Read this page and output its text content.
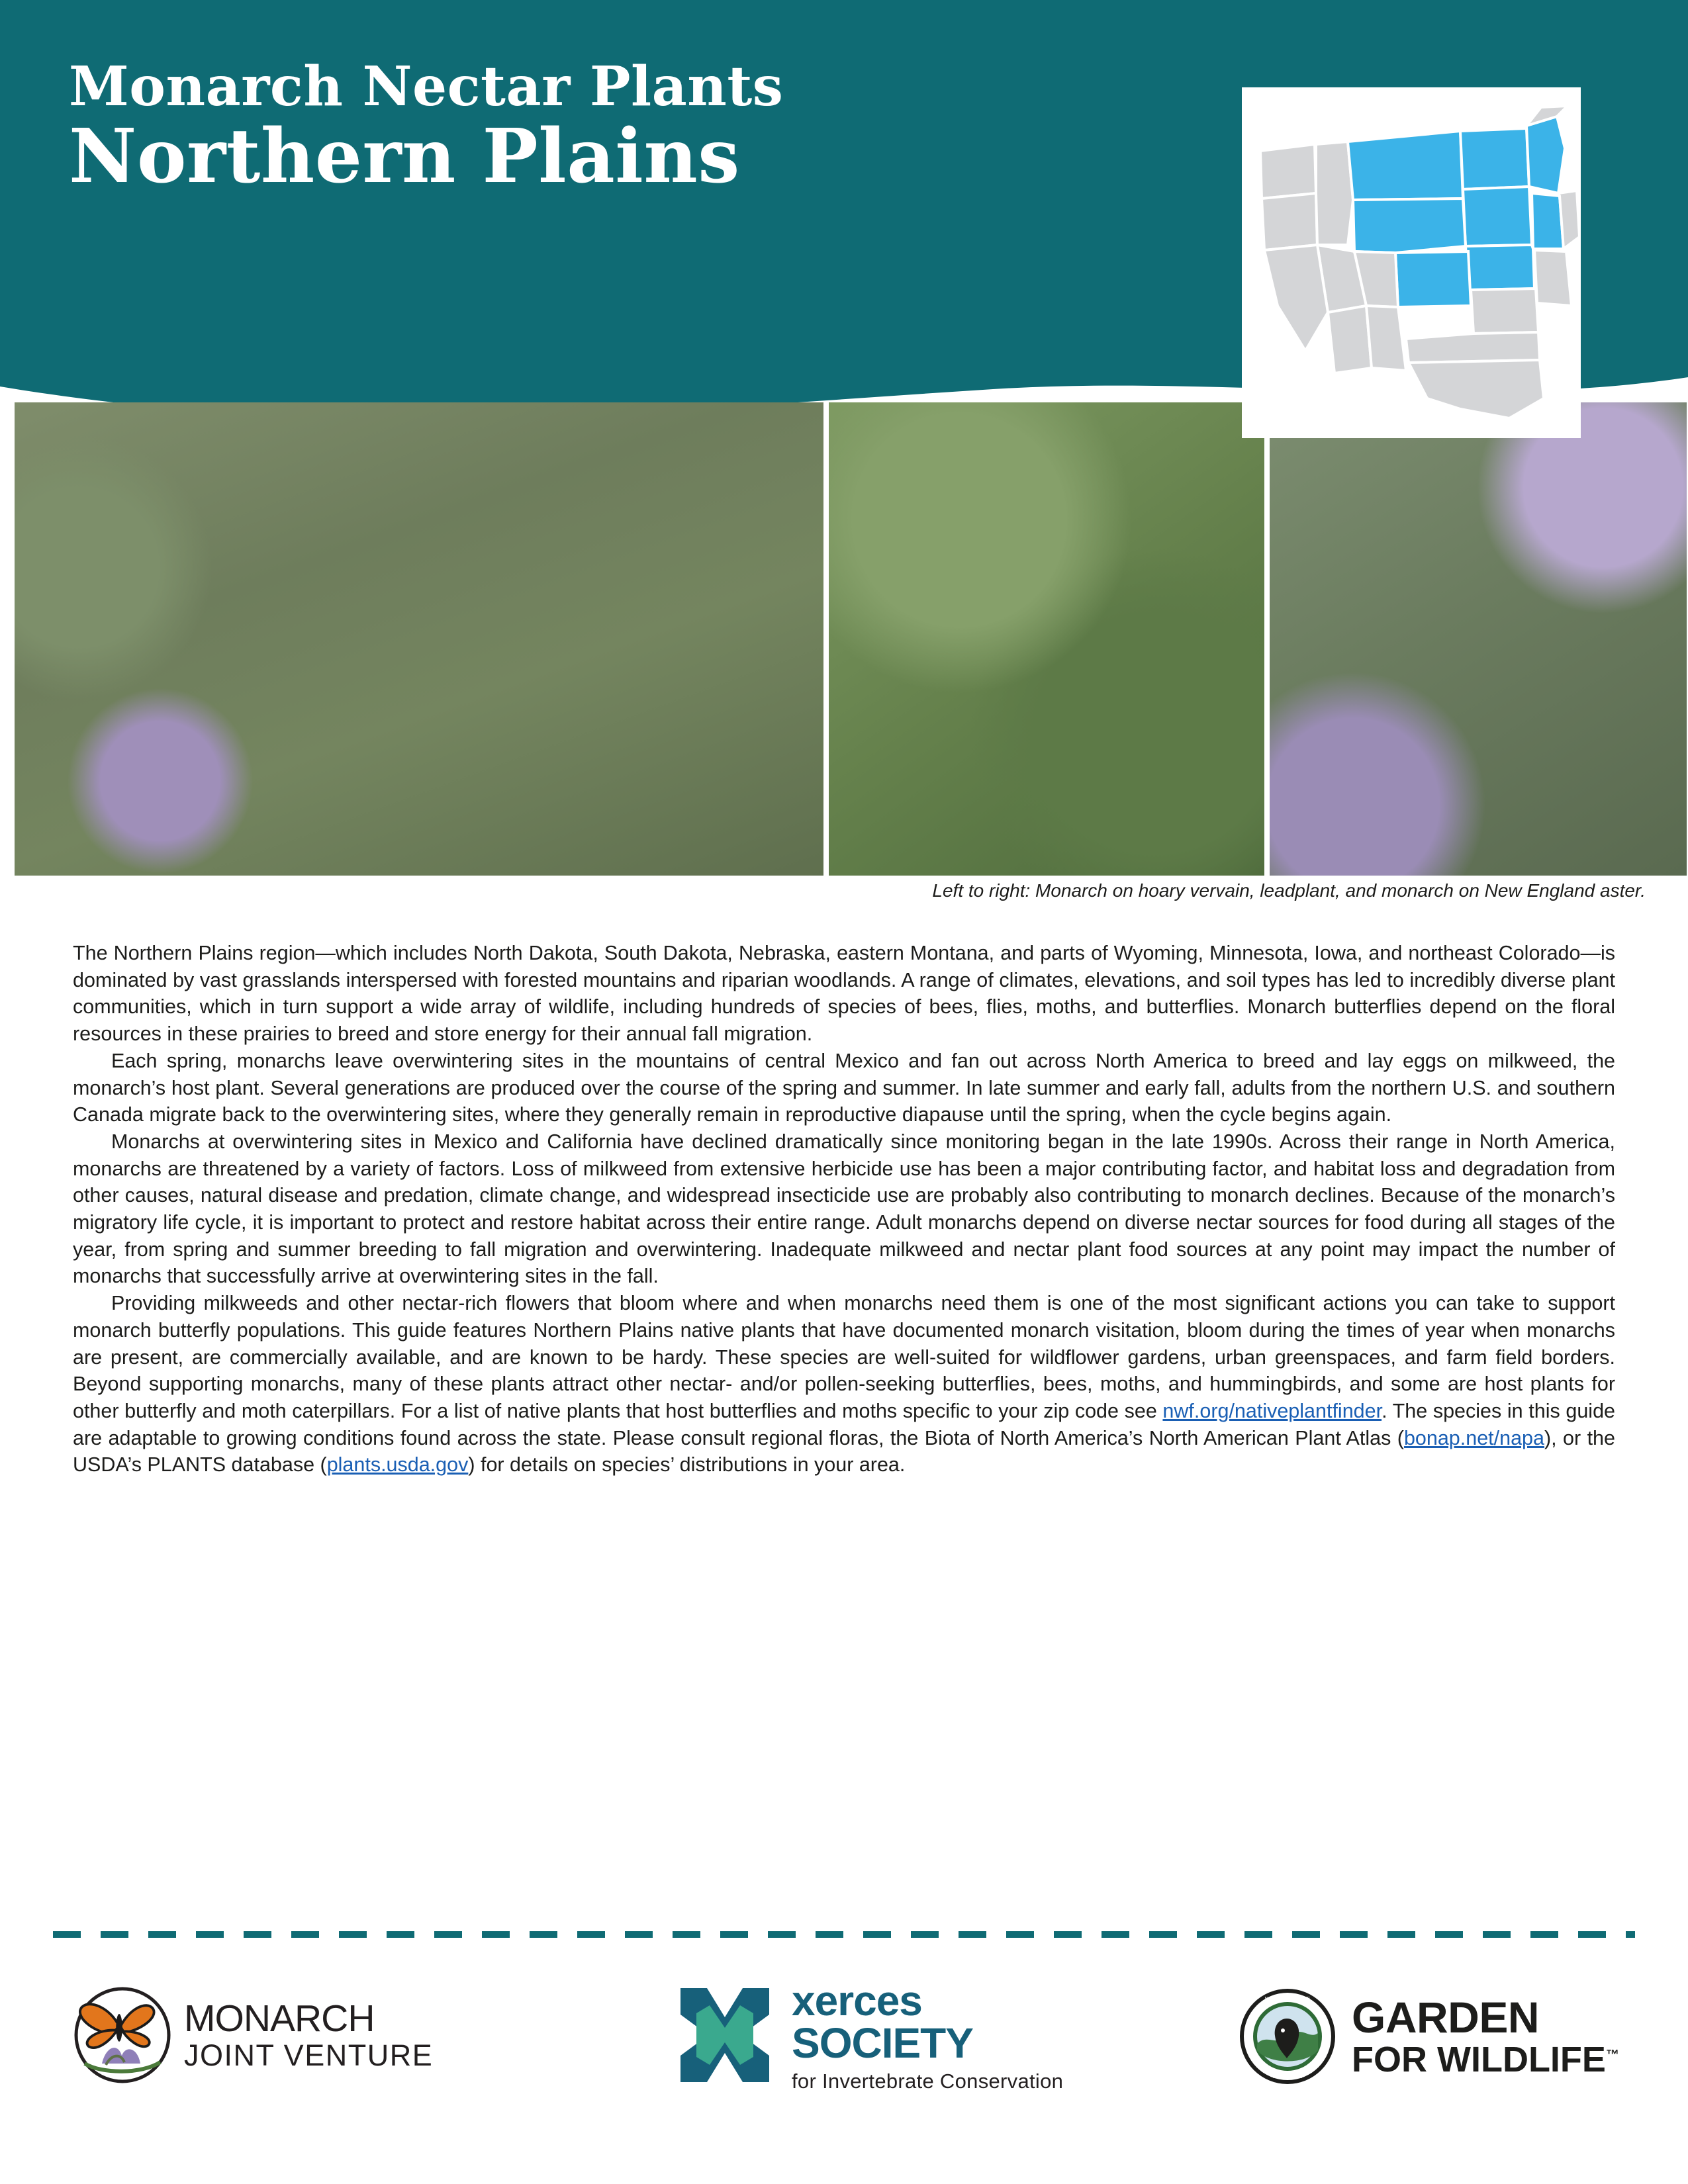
Monarch Nectar Plants
Northern Plains
Left to right: Monarch on hoary vervain, leadplant, and monarch on New England aster.

The Northern Plains region—which includes North Dakota, South Dakota, Nebraska, eastern Montana, and parts of Wyoming, Minnesota, Iowa, and northeast Colorado—is dominated by vast grasslands interspersed with forested mountains and riparian woodlands. A range of climates, elevations, and soil types has led to incredibly diverse plant communities, which in turn support a wide array of wildlife, including hundreds of species of bees, flies, moths, and butterflies. Monarch butterflies depend on the floral resources in these prairies to breed and store energy for their annual fall migration.

Each spring, monarchs leave overwintering sites in the mountains of central Mexico and fan out across North America to breed and lay eggs on milkweed, the monarch’s host plant. Several generations are produced over the course of the spring and summer. In late summer and early fall, adults from the northern U.S. and southern Canada migrate back to the overwintering sites, where they generally remain in reproductive diapause until the spring, when the cycle begins again.

Monarchs at overwintering sites in Mexico and California have declined dramatically since monitoring began in the late 1990s. Across their range in North America, monarchs are threatened by a variety of factors. Loss of milkweed from extensive herbicide use has been a major contributing factor, and habitat loss and degradation from other causes, natural disease and predation, climate change, and widespread insecticide use are probably also contributing to monarch declines. Because of the monarch’s migratory life cycle, it is important to protect and restore habitat across their entire range. Adult monarchs depend on diverse nectar sources for food during all stages of the year, from spring and summer breeding to fall migration and overwintering. Inadequate milkweed and nectar plant food sources at any point may impact the number of monarchs that successfully arrive at overwintering sites in the fall.

Providing milkweeds and other nectar-rich flowers that bloom where and when monarchs need them is one of the most significant actions you can take to support monarch butterfly populations. This guide features Northern Plains native plants that have documented monarch visitation, bloom during the times of year when monarchs are present, are commercially available, and are known to be hardy. These species are well-suited for wildflower gardens, urban greenspaces, and farm field borders. Beyond supporting monarchs, many of these plants attract other nectar- and/or pollen-seeking butterflies, bees, moths, and hummingbirds, and some are host plants for other butterfly and moth caterpillars. For a list of native plants that host butterflies and moths specific to your zip code see nwf.org/nativeplantfinder. The species in this guide are adaptable to growing conditions found across the state. Please consult regional floras, the Biota of North America’s North American Plant Atlas (bonap.net/napa), or the USDA’s PLANTS database (plants.usda.gov) for details on species’ distributions in your area.

MONARCH
JOINT VENTURE
xerces
SOCIETY
for Invertebrate Conservation
NATIONAL WILDLIFE
FEDERATION
GARDEN
FOR WILDLIFE™
